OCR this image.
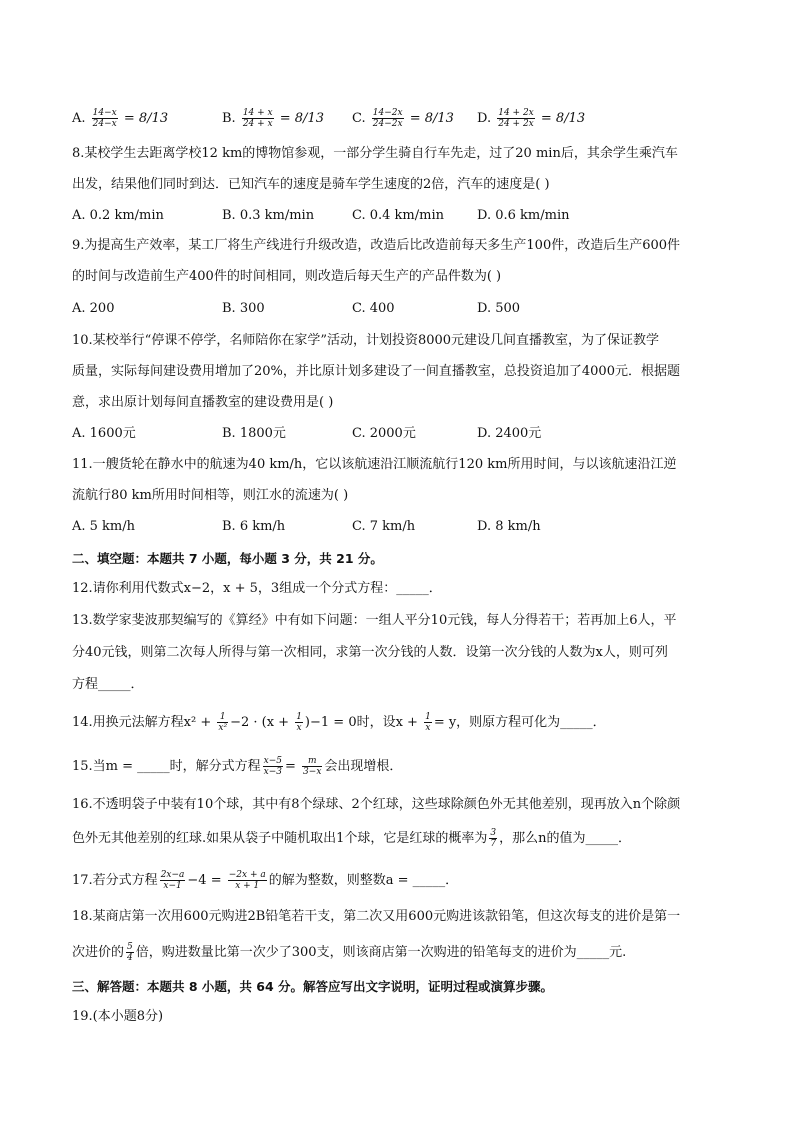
A. $\frac{14-x}{24-x} = 8/13$	B. $\frac{14 + x}{24 + x} = 8/13$ C. $\frac{14-2x}{24-2x} = 8/13$ D. $\frac{14 + 2x}{24 + 2x} = 8/13$
8.某校学生去距离学校12 km的博物馆参观，一部分学生骑自行车先走，过了20 min后，其余学生乘汽车
出发，结果他们同时到达．已知汽车的速度是骑车学生速度的2倍，汽车的速度是( )
A. 0.2 km/min	B. 0.3 km/min	C. 0.4 km/min	D. 0.6 km/min
9.为提高生产效率，某工厂将生产线进行升级改造，改造后比改造前每天多生产100件，改造后生产600件
的时间与改造前生产400件的时间相同，则改造后每天生产的产品件数为( )
A. 200	B. 300	C. 400	D. 500
10.某校举行“停课不停学，名师陪你在家学”活动，计划投资8000元建设几间直播教室，为了保证教学
质量，实际每间建设费用增加了20%，并比原计划多建设了一间直播教室，总投资追加了4000元．根据题
意，求出原计划每间直播教室的建设费用是( )
A. 1600元	B. 1800元	C. 2000元	D. 2400元
11.一艘货轮在静水中的航速为40 km/h，它以该航速沿江顺流航行120 km所用时间，与以该航速沿江逆
流航行80 km所用时间相等，则江水的流速为( )
A. 5 km/h	B. 6 km/h	C. 7 km/h	D. 8 km/h
二、填空题：本题共 7 小题，每小题 3 分，共 21 分。
12.请你利用代数式x−2，x + 5，3组成一个分式方程：_____．
13.数学家斐波那契编写的《算经》中有如下问题：一组人平分10元钱，每人分得若干；若再加上6人，平
分40元钱，则第二次每人所得与第一次相同，求第一次分钱的人数．设第一次分钱的人数为x人，则可列
方程_____．
14.用换元法解方程$x^2 + \frac{1}{\text{x²}} -2 \cdot (x + \frac{1}{x} )-1 = 0$时，设$x + \frac{1}{x} = y$，则原方程可化为_____．
15.当m = _____时，解分式方程 $\frac{x-5}{x-3} = \frac{m}{3-x}$ 会出现增根．
16.不透明袋子中装有10个球，其中有8个绿球、2个红球，这些球除颜色外无其他差别，现再放入n个除颜
色外无其他差别的红球.如果从袋子中随机取出1个球，它是红球的概率为 $\frac{3}{7}$ ，那么n的值为_____．
17.若分式方程 $\frac{2x-a}{x-1} -4 = \frac{-2x + a}{x + 1}$ 的解为整数，则整数a = _____．
18.某商店第一次用600元购进2B铅笔若干支，第二次又用600元购进该款铅笔，但这次每支的进价是第一
次进价的 $\frac{5}{4}$ 倍，购进数量比第一次少了300支，则该商店第一次购进的铅笔每支的进价为_____元.
三、解答题：本题共 8 小题，共 64 分。解答应写出文字说明，证明过程或演算步骤。
19.(本小题8分)
